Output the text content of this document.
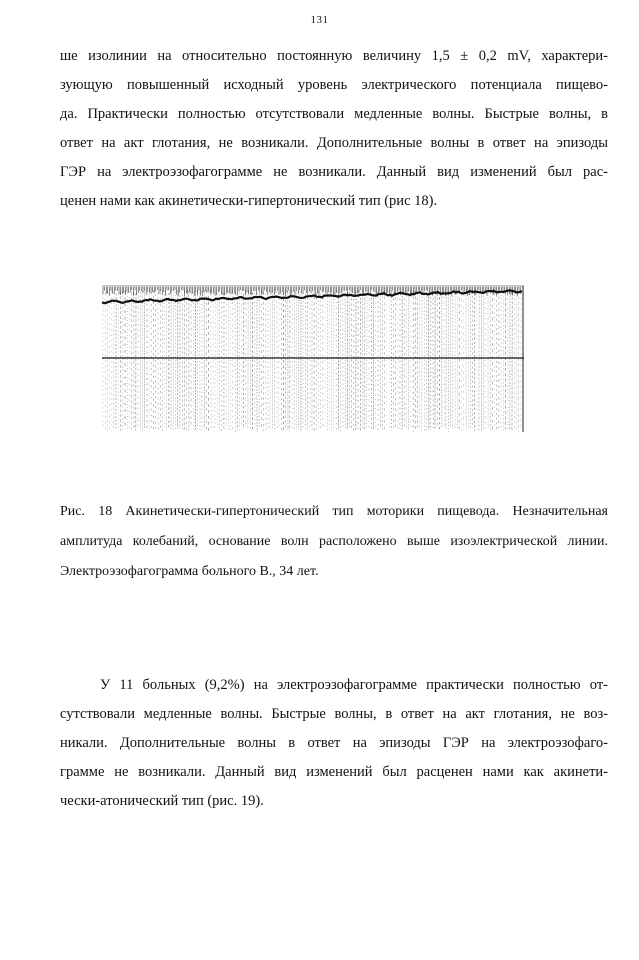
131
ше изолинии на относительно постоянную величину 1,5 ± 0,2 mV, характери-
зующую повышенный исходный уровень электрического потенциала пищево-
да. Практически полностью отсутствовали медленные волны. Быстрые волны, в
ответ на акт глотания, не возникали. Дополнительные волны в ответ на эпизоды
ГЭР на электроэзофагограмме не возникали. Данный вид изменений был рас-
ценен нами как акинетически-гипертонический тип (рис 18).
Рис. 18 Акинетически-гипертонический тип моторики пищевода. Незначительная
амплитуда колебаний, основание волн расположено выше изоэлектрической линии.
Электроэзофагограмма больного В., 34 лет.
У 11 больных (9,2%) на электроэзофагограмме практически полностью от-
сутствовали медленные волны. Быстрые волны, в ответ на акт глотания, не воз-
никали. Дополнительные волны в ответ на эпизоды ГЭР на электроэзофаго-
грамме не возникали. Данный вид изменений был расценен нами как акинети-
чески-атонический тип (рис. 19).
